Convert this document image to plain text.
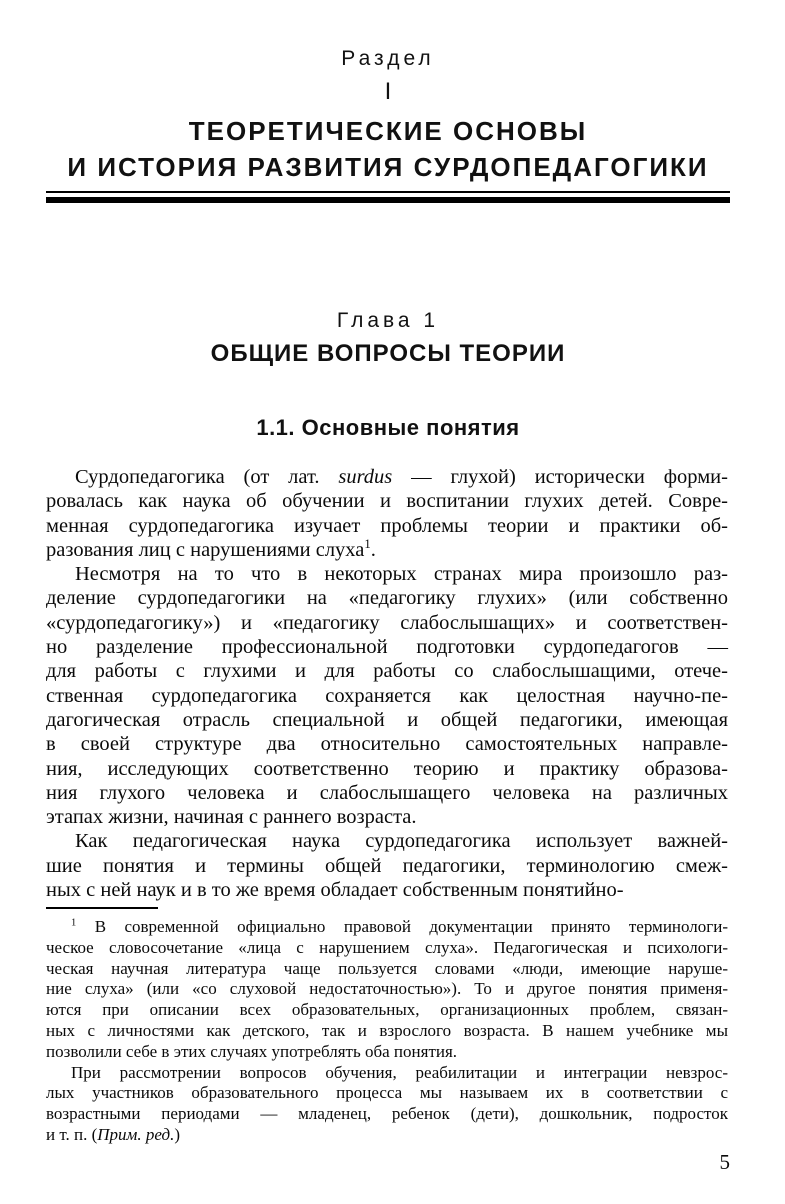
Раздел
I
ТЕОРЕТИЧЕСКИЕ ОСНОВЫ
И ИСТОРИЯ РАЗВИТИЯ СУРДОПЕДАГОГИКИ
Глава 1
ОБЩИЕ ВОПРОСЫ ТЕОРИИ
1.1. Основные понятия
Сурдопедагогика (от лат. surdus — глухой) исторически форми-
ровалась как наука об обучении и воспитании глухих детей. Совре-
менная сурдопедагогика изучает проблемы теории и практики об-
разования лиц с нарушениями слуха$^1$.
Несмотря на то что в некоторых странах мира произошло раз-
деление сурдопедагогики на «педагогику глухих» (или собственно
«сурдопедагогику») и «педагогику слабослышащих» и соответствен-
но разделение профессиональной подготовки сурдопедагогов —
для работы с глухими и для работы со слабослышащими, отече-
ственная сурдопедагогика сохраняется как целостная научно-пе-
дагогическая отрасль специальной и общей педагогики, имеющая
в своей структуре два относительно самостоятельных направле-
ния, исследующих соответственно теорию и практику образова-
ния глухого человека и слабослышащего человека на различных
этапах жизни, начиная с раннего возраста.
Как педагогическая наука сурдопедагогика использует важней-
шие понятия и термины общей педагогики, терминологию смеж-
ных с ней наук и в то же время обладает собственным понятийно-
$^1$ В современной официально правовой документации принято терминологи-
ческое словосочетание «лица с нарушением слуха». Педагогическая и психологи-
ческая научная литература чаще пользуется словами «люди, имеющие наруше-
ние слуха» (или «со слуховой недостаточностью»). То и другое понятия применя-
ются при описании всех образовательных, организационных проблем, связан-
ных с личностями как детского, так и взрослого возраста. В нашем учебнике мы
позволили себе в этих случаях употреблять оба понятия.
При рассмотрении вопросов обучения, реабилитации и интеграции невзрос-
лых участников образовательного процесса мы называем их в соответствии с
возрастными периодами — младенец, ребенок (дети), дошкольник, подросток
и т. п. (Прим. ред.)
5
